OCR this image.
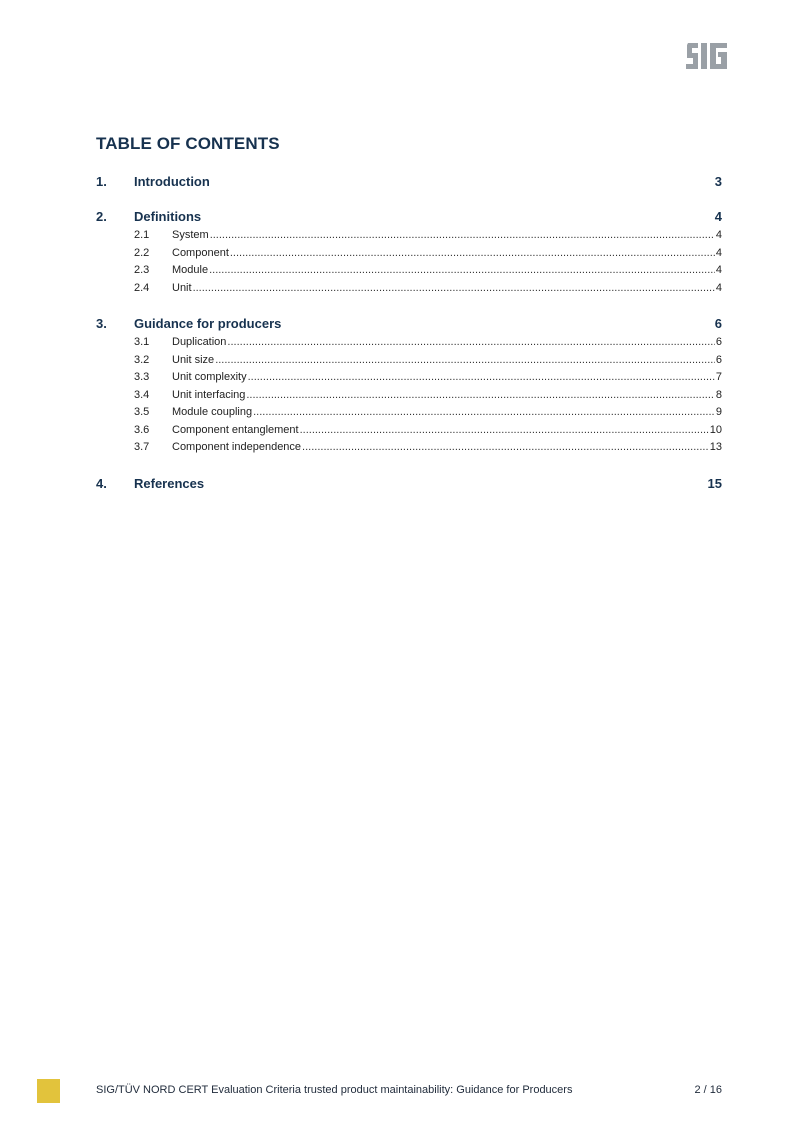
TABLE OF CONTENTS
1.	Introduction	3
2.	Definitions	4
2.1	System .....	4
2.2	Component .....	4
2.3	Module .....	4
2.4	Unit .....	4
3.	Guidance for producers	6
3.1	Duplication .....	6
3.2	Unit size .....	6
3.3	Unit complexity .....	7
3.4	Unit interfacing .....	8
3.5	Module coupling .....	9
3.6	Component entanglement .....	10
3.7	Component independence .....	13
4.	References	15
SIG/TÜV NORD CERT Evaluation Criteria trusted product maintainability: Guidance for Producers	2 / 16
